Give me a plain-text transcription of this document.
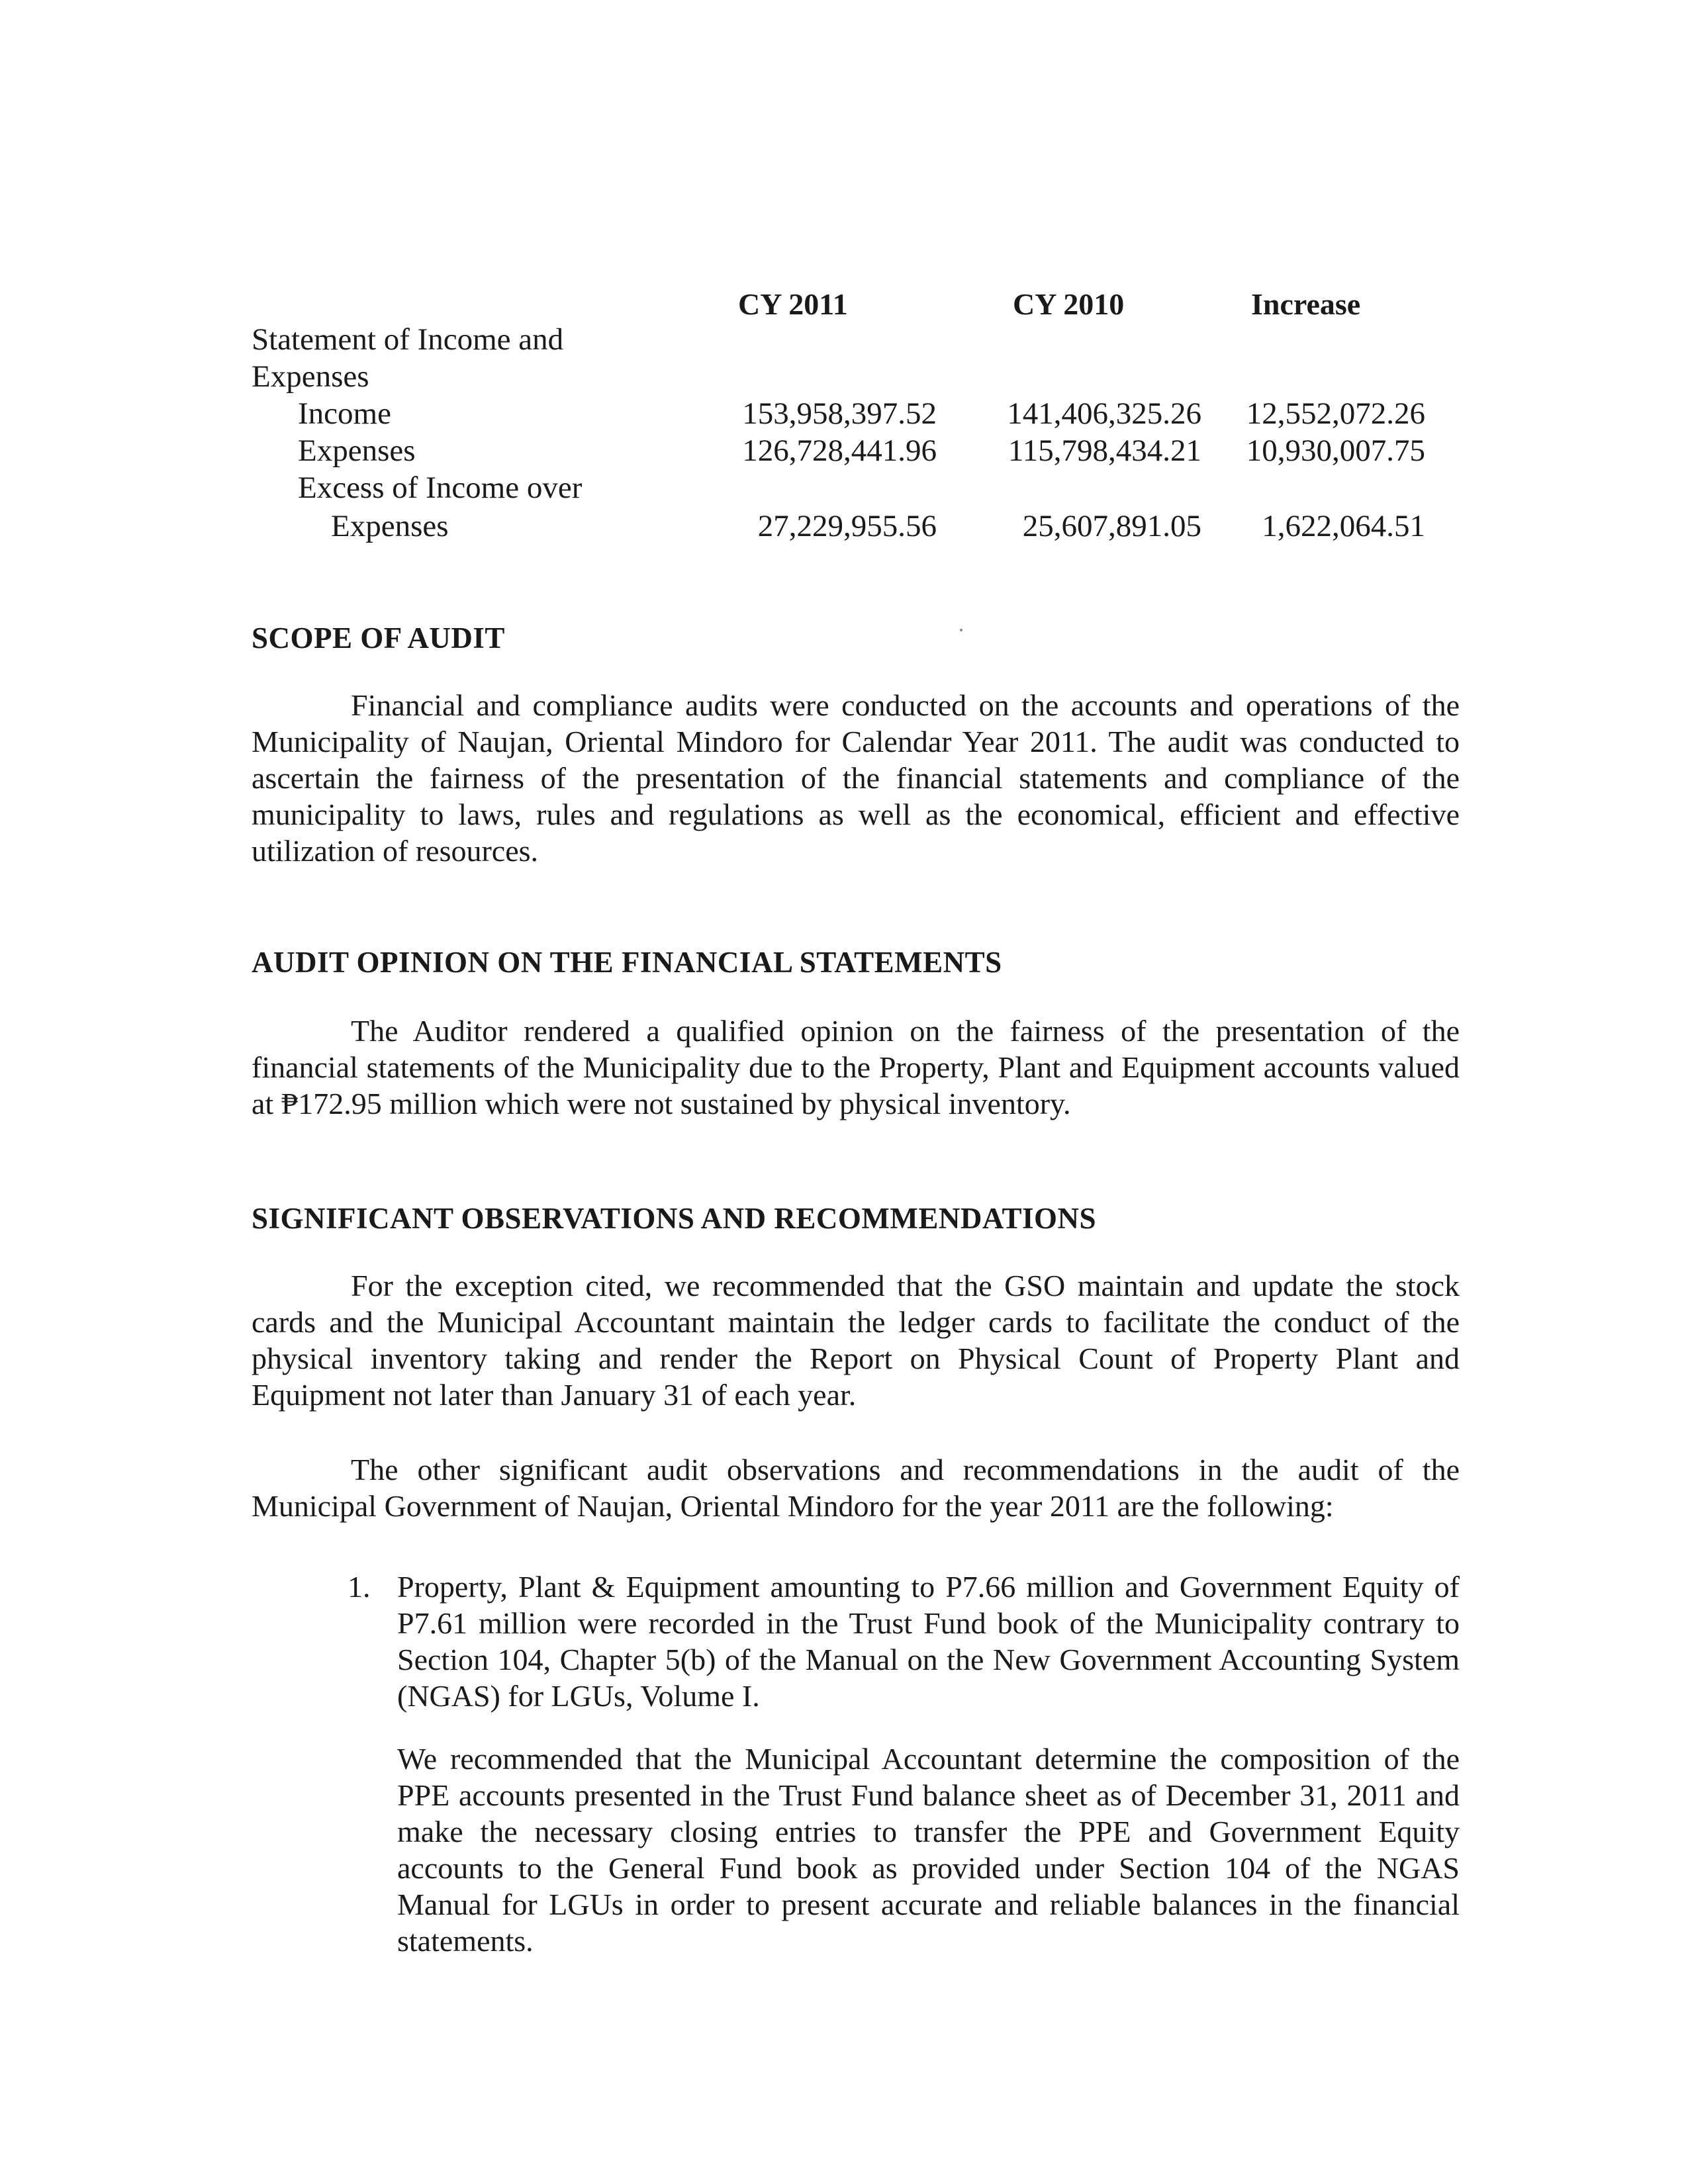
CY 2011	CY 2010	Increase
Statement of Income and
Expenses
Income	153,958,397.52	141,406,325.26	12,552,072.26
Expenses	126,728,441.96	115,798,434.21	10,930,007.75
Excess of Income over
Expenses	27,229,955.56	25,607,891.05	1,622,064.51
SCOPE OF AUDIT
Financial and compliance audits were conducted on the accounts and operations of the Municipality of Naujan, Oriental Mindoro for Calendar Year 2011. The audit was conducted to ascertain the fairness of the presentation of the financial statements and compliance of the municipality to laws, rules and regulations as well as the economical, efficient and effective utilization of resources.
AUDIT OPINION ON THE FINANCIAL STATEMENTS
The Auditor rendered a qualified opinion on the fairness of the presentation of the financial statements of the Municipality due to the Property, Plant and Equipment accounts valued at ₱172.95 million which were not sustained by physical inventory.
SIGNIFICANT OBSERVATIONS AND RECOMMENDATIONS
For the exception cited, we recommended that the GSO maintain and update the stock cards and the Municipal Accountant maintain the ledger cards to facilitate the conduct of the physical inventory taking and render the Report on Physical Count of Property Plant and Equipment not later than January 31 of each year.
The other significant audit observations and recommendations in the audit of the Municipal Government of Naujan, Oriental Mindoro for the year 2011 are the following:
1. Property, Plant & Equipment amounting to P7.66 million and Government Equity of P7.61 million were recorded in the Trust Fund book of the Municipality contrary to Section 104, Chapter 5(b) of the Manual on the New Government Accounting System (NGAS) for LGUs, Volume I.
We recommended that the Municipal Accountant determine the composition of the PPE accounts presented in the Trust Fund balance sheet as of December 31, 2011 and make the necessary closing entries to transfer the PPE and Government Equity accounts to the General Fund book as provided under Section 104 of the NGAS Manual for LGUs in order to present accurate and reliable balances in the financial statements.
